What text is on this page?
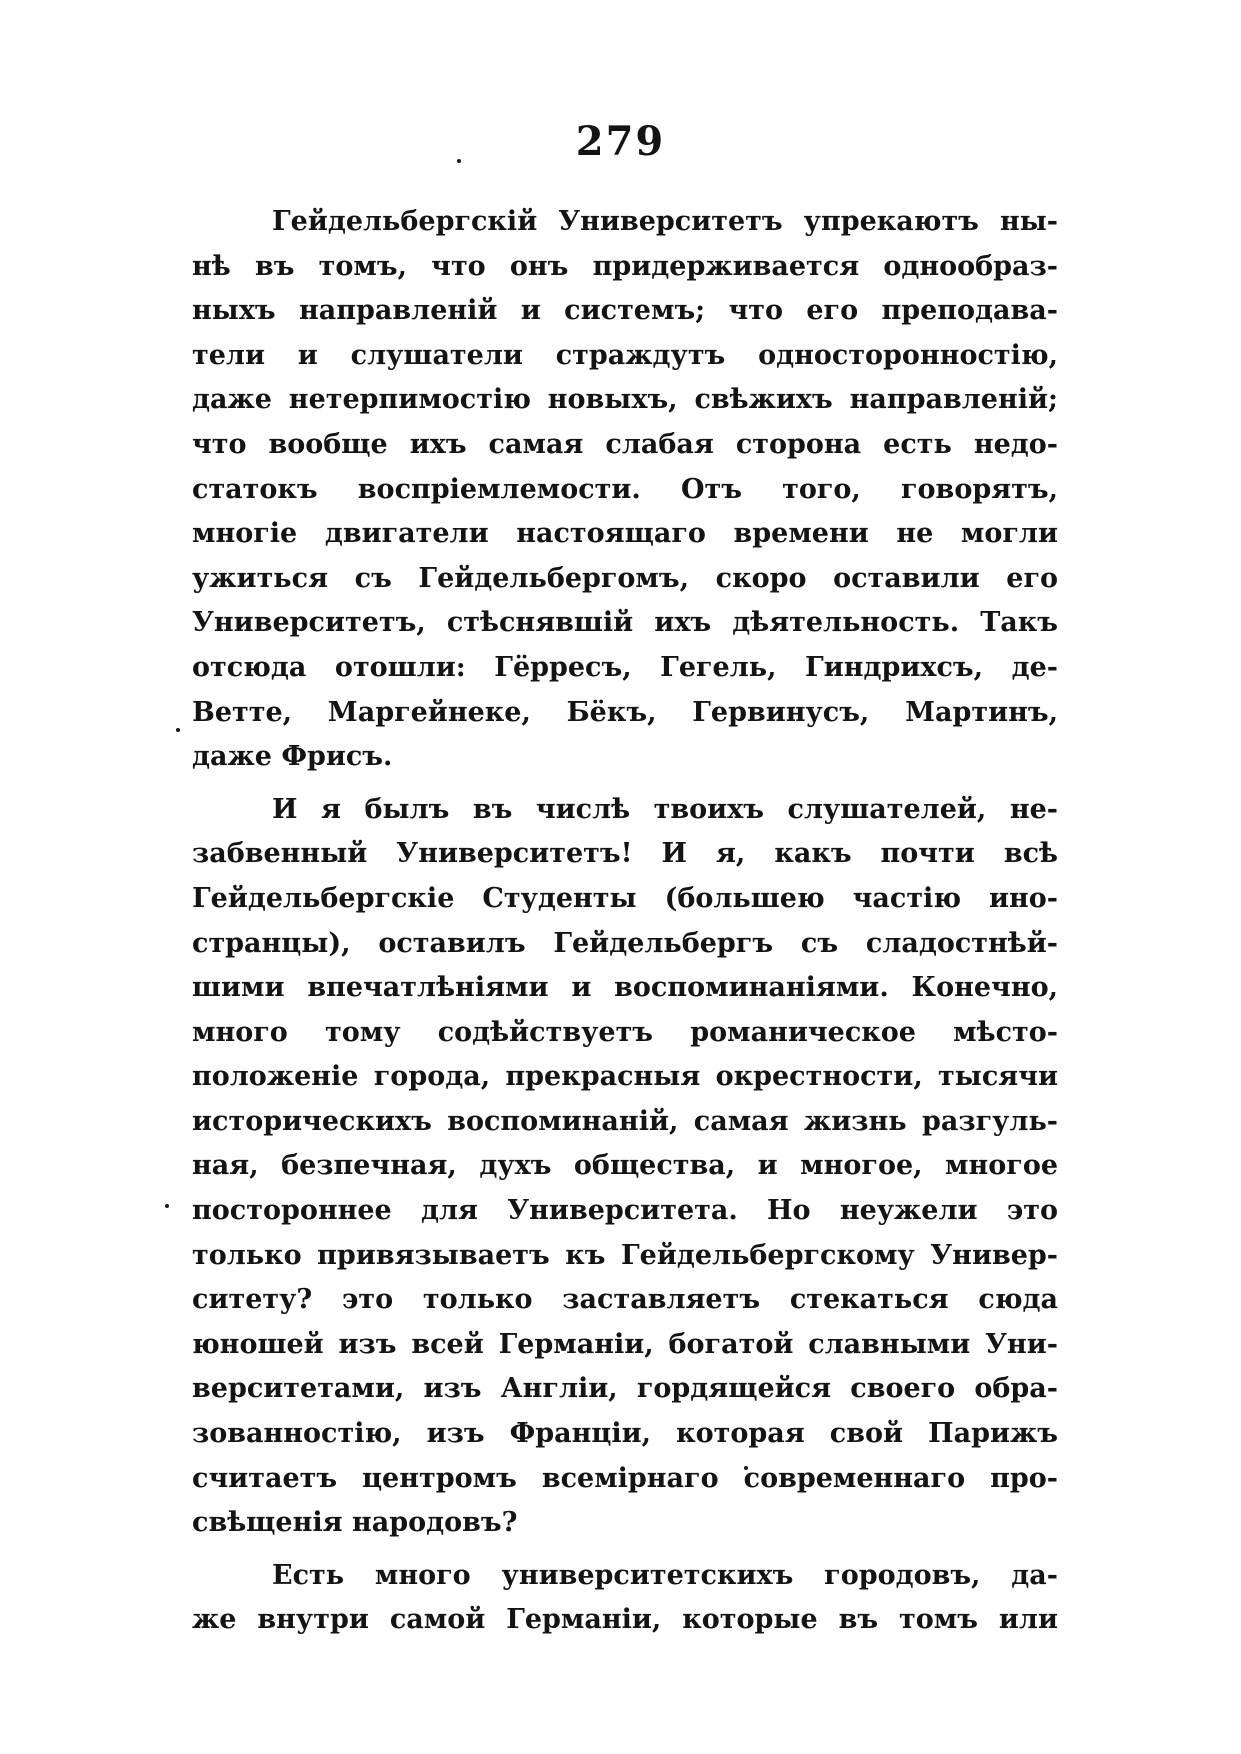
279

Гейдельбергскій Университетъ упрекаютъ ны-
нѣ въ томъ, что онъ придерживается однообраз-
ныхъ направленій и системъ; что его преподава-
тели и слушатели страждутъ односторонностію,
даже нетерпимостію новыхъ, свѣжихъ направленій;
что вообще ихъ самая слабая сторона есть недо-
статокъ воспріемлемости. Отъ того, говорятъ,
многіе двигатели настоящаго времени не могли
ужиться съ Гейдельбергомъ, скоро оставили его
Университетъ, стѣснявшій ихъ дѣятельность. Такъ
отсюда отошли: Гёрресъ, Гегель, Гиндрихсъ, де-
Ветте, Маргейнеке, Бёкъ, Гервинусъ, Мартинъ,
даже Фрисъ.

И я былъ въ числѣ твоихъ слушателей, не-
забвенный Университетъ! И я, какъ почти всѣ
Гейдельбергскіе Студенты (большею частію ино-
странцы), оставилъ Гейдельбергъ съ сладостнѣй-
шими впечатлѣніями и воспоминаніями. Конечно,
много тому содѣйствуетъ романическое мѣсто-
положеніе города, прекрасныя окрестности, тысячи
историческихъ воспоминаній, самая жизнь разгуль-
ная, безпечная, духъ общества, и многое, многое
постороннее для Университета. Но неужели это
только привязываетъ къ Гейдельбергскому Универ-
ситету? это только заставляетъ стекаться сюда
юношей изъ всей Германіи, богатой славными Уни-
верситетами, изъ Англіи, гордящейся своего обра-
зованностію, изъ Франціи, которая свой Парижъ
считаетъ центромъ всемірнаго современнаго про-
свѣщенія народовъ?

Есть много университетскихъ городовъ, да-
же внутри самой Германіи, которые въ томъ или
